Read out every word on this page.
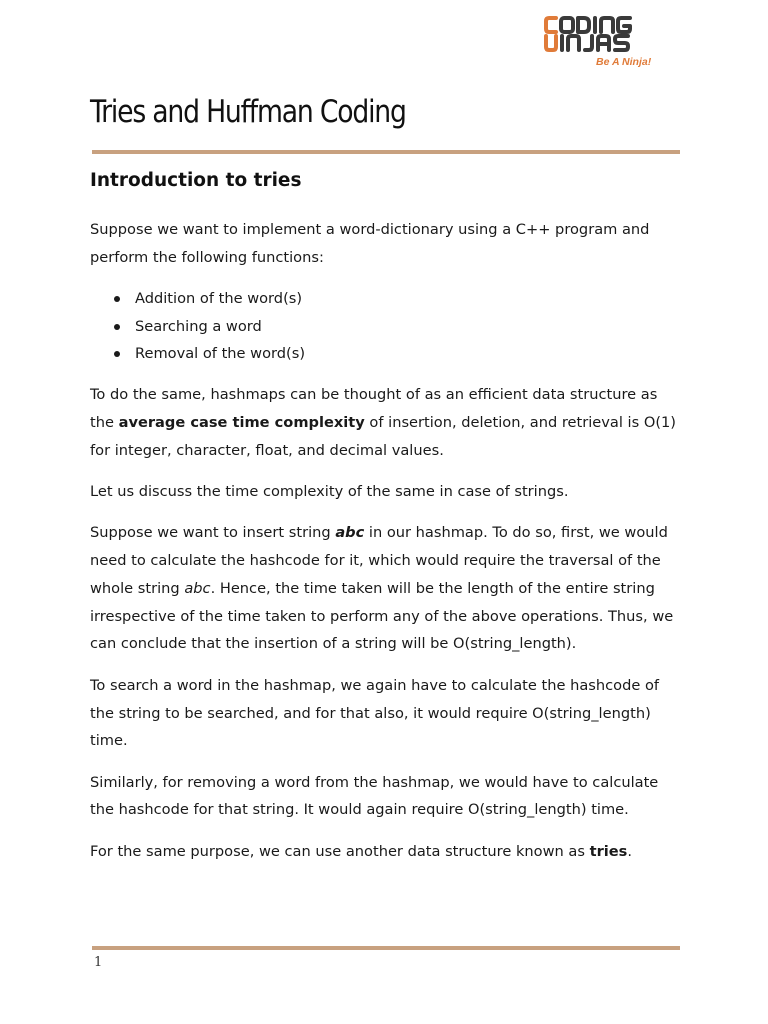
Be A Ninja!
Tries and Huffman Coding
Introduction to tries

Suppose we want to implement a word-dictionary using a C++ program and perform the following functions:

Addition of the word(s)
Searching a word
Removal of the word(s)

To do the same, hashmaps can be thought of as an efficient data structure as the average case time complexity of insertion, deletion, and retrieval is O(1) for integer, character, float, and decimal values.

Let us discuss the time complexity of the same in case of strings.

Suppose we want to insert string abc in our hashmap. To do so, first, we would need to calculate the hashcode for it, which would require the traversal of the whole string abc. Hence, the time taken will be the length of the entire string irrespective of the time taken to perform any of the above operations. Thus, we can conclude that the insertion of a string will be O(string_length).

To search a word in the hashmap, we again have to calculate the hashcode of the string to be searched, and for that also, it would require O(string_length) time.

Similarly, for removing a word from the hashmap, we would have to calculate the hashcode for that string. It would again require O(string_length) time.

For the same purpose, we can use another data structure known as tries.

1
